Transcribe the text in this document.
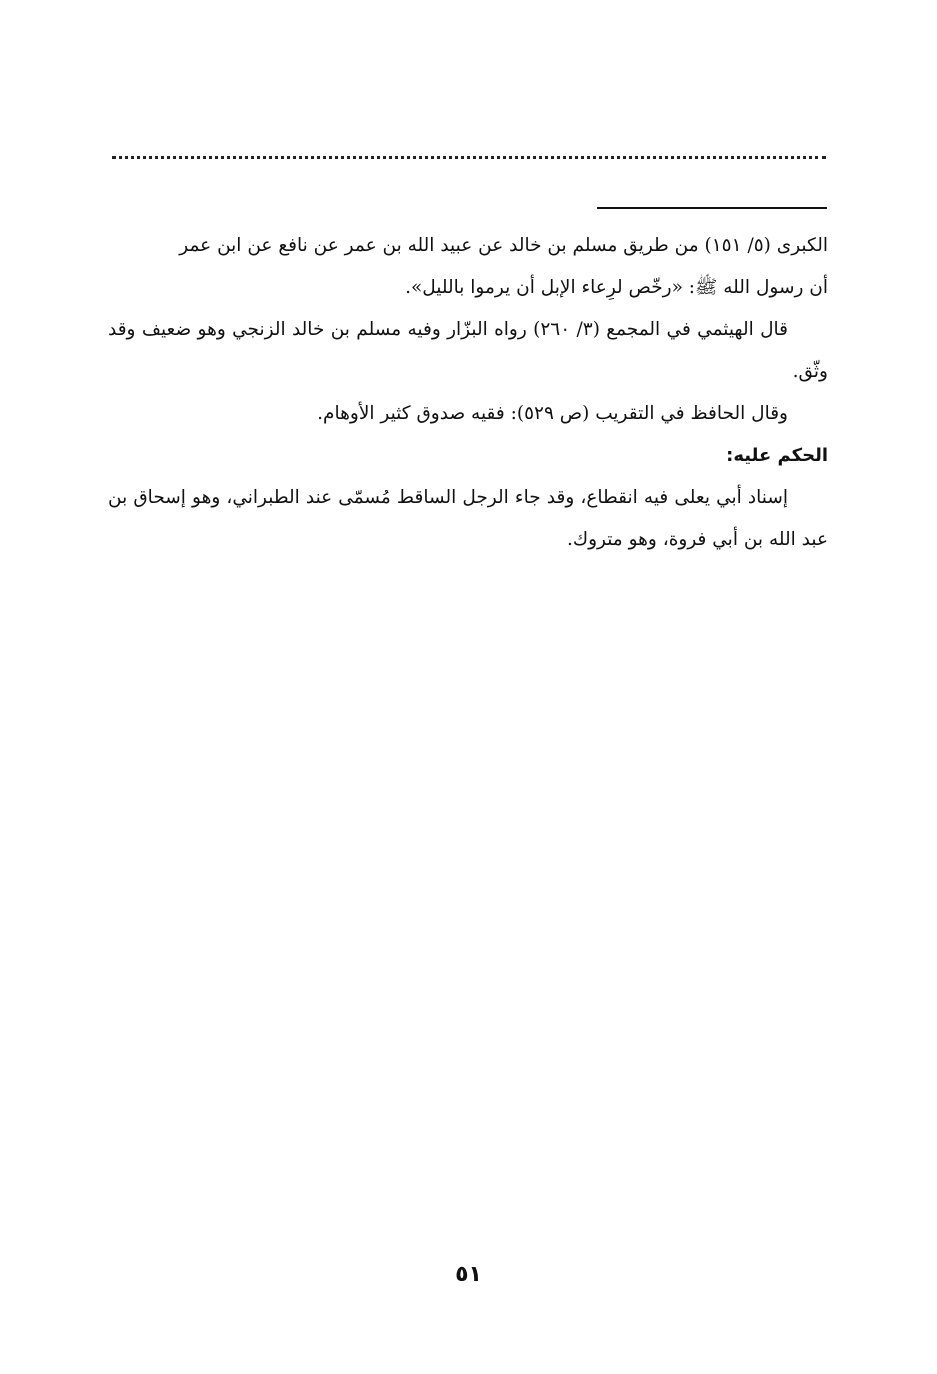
الكبرى (٥/ ١٥١) من طريق مسلم بن خالد عن عبيد الله بن عمر عن نافع عن ابن عمر

أن رسول الله ﷺ: «رخّص لرِعاء الإبل أن يرموا بالليل».

قال الهيثمي في المجمع (٣/ ٢٦٠) رواه البزّار وفيه مسلم بن خالد الزنجي وهو ضعيف وقد وثّق.

وقال الحافظ في التقريب (ص ٥٢٩): فقيه صدوق كثير الأوهام.

الحكم عليه:

إسناد أبي يعلى فيه انقطاع، وقد جاء الرجل الساقط مُسمّى عند الطبراني، وهو إسحاق بن عبد الله بن أبي فروة، وهو متروك.

٥١
